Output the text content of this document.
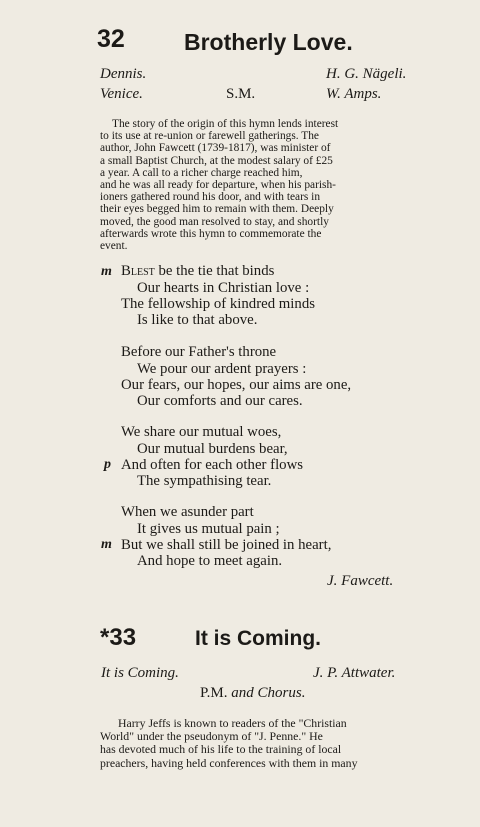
32	Brotherly Love.
Dennis.	H. G. Nägeli.
Venice.	S.M.	W. Amps.
The story of the origin of this hymn lends interest
to its use at re-union or farewell gatherings. The
author, John Fawcett (1739-1817), was minister of
a small Baptist Church, at the modest salary of £25
a year. A call to a richer charge reached him,
and he was all ready for departure, when his parish-
ioners gathered round his door, and with tears in
their eyes begged him to remain with them. Deeply
moved, the good man resolved to stay, and shortly
afterwards wrote this hymn to commemorate the
event.
m Blest be the tie that binds
Our hearts in Christian love :
The fellowship of kindred minds
Is like to that above.
Before our Father's throne
We pour our ardent prayers :
Our fears, our hopes, our aims are one,
Our comforts and our cares.
We share our mutual woes,
Our mutual burdens bear,
p And often for each other flows
The sympathising tear.
When we asunder part
It gives us mutual pain ;
m But we shall still be joined in heart,
And hope to meet again.
J. Fawcett.
*33	It is Coming.
It is Coming.	J. P. Attwater.
P.M. and Chorus.
Harry Jeffs is known to readers of the "Christian
World" under the pseudonym of "J. Penne." He
has devoted much of his life to the training of local
preachers, having held conferences with them in many
